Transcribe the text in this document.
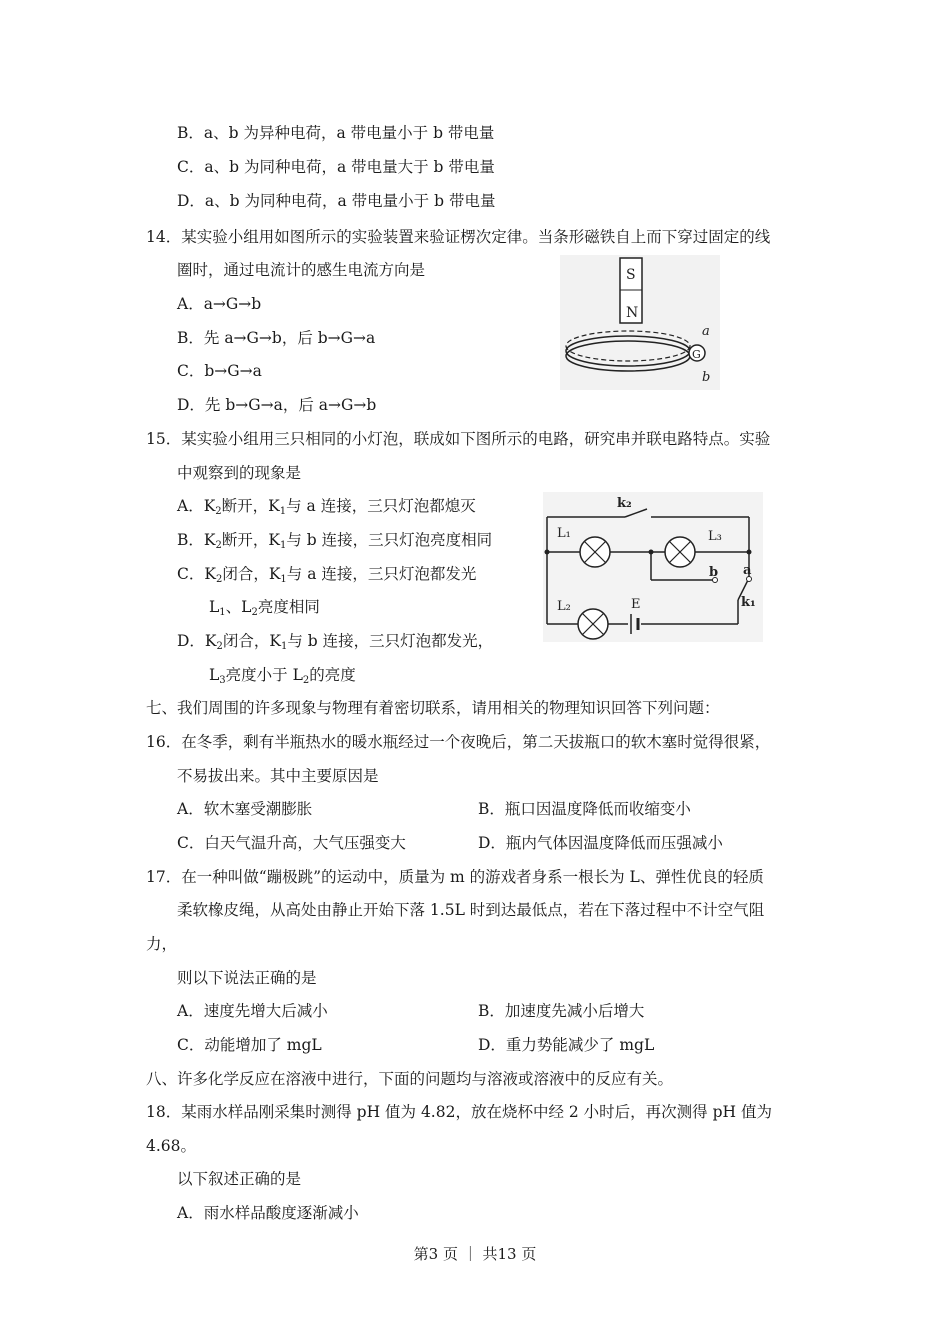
B．a、b 为异种电荷，a 带电量小于 b 带电量
C．a、b 为同种电荷，a 带电量大于 b 带电量
D．a、b 为同种电荷，a 带电量小于 b 带电量
14．某实验小组用如图所示的实验装置来验证楞次定律。当条形磁铁自上而下穿过固定的线
圈时，通过电流计的感生电流方向是
A．a→G→b
B．先 a→G→b，后 b→G→a
C．b→G→a
D．先 b→G→a，后 a→G→b
S
N
G
a
b
15．某实验小组用三只相同的小灯泡，联成如下图所示的电路，研究串并联电路特点。实验
中观察到的现象是
A．K2断开，K1与 a 连接，三只灯泡都熄灭
B．K2断开，K1与 b 连接，三只灯泡亮度相同
C．K2闭合，K1与 a 连接，三只灯泡都发光
L1、L2亮度相同
D．K2闭合，K1与 b 连接，三只灯泡都发光，
L3亮度小于 L2的亮度
k₂
L₁	L₃
L₂	E
b a
k₁
七、我们周围的许多现象与物理有着密切联系，请用相关的物理知识回答下列问题：
16．在冬季，剩有半瓶热水的暖水瓶经过一个夜晚后，第二天拔瓶口的软木塞时觉得很紧，
不易拔出来。其中主要原因是
A．软木塞受潮膨胀	B．瓶口因温度降低而收缩变小
C．白天气温升高，大气压强变大	D．瓶内气体因温度降低而压强减小
17．在一种叫做“蹦极跳”的运动中，质量为 m 的游戏者身系一根长为 L、弹性优良的轻质
柔软橡皮绳，从高处由静止开始下落 1.5L 时到达最低点，若在下落过程中不计空气阻
力，
则以下说法正确的是
A．速度先增大后减小	B．加速度先减小后增大
C．动能增加了 mgL	D．重力势能减少了 mgL
八、许多化学反应在溶液中进行，下面的问题均与溶液或溶液中的反应有关。
18．某雨水样品刚采集时测得 pH 值为 4.82，放在烧杯中经 2 小时后，再次测得 pH 值为
4.68。
以下叙述正确的是
A．雨水样品酸度逐渐减小
第3 页 ｜ 共13 页
